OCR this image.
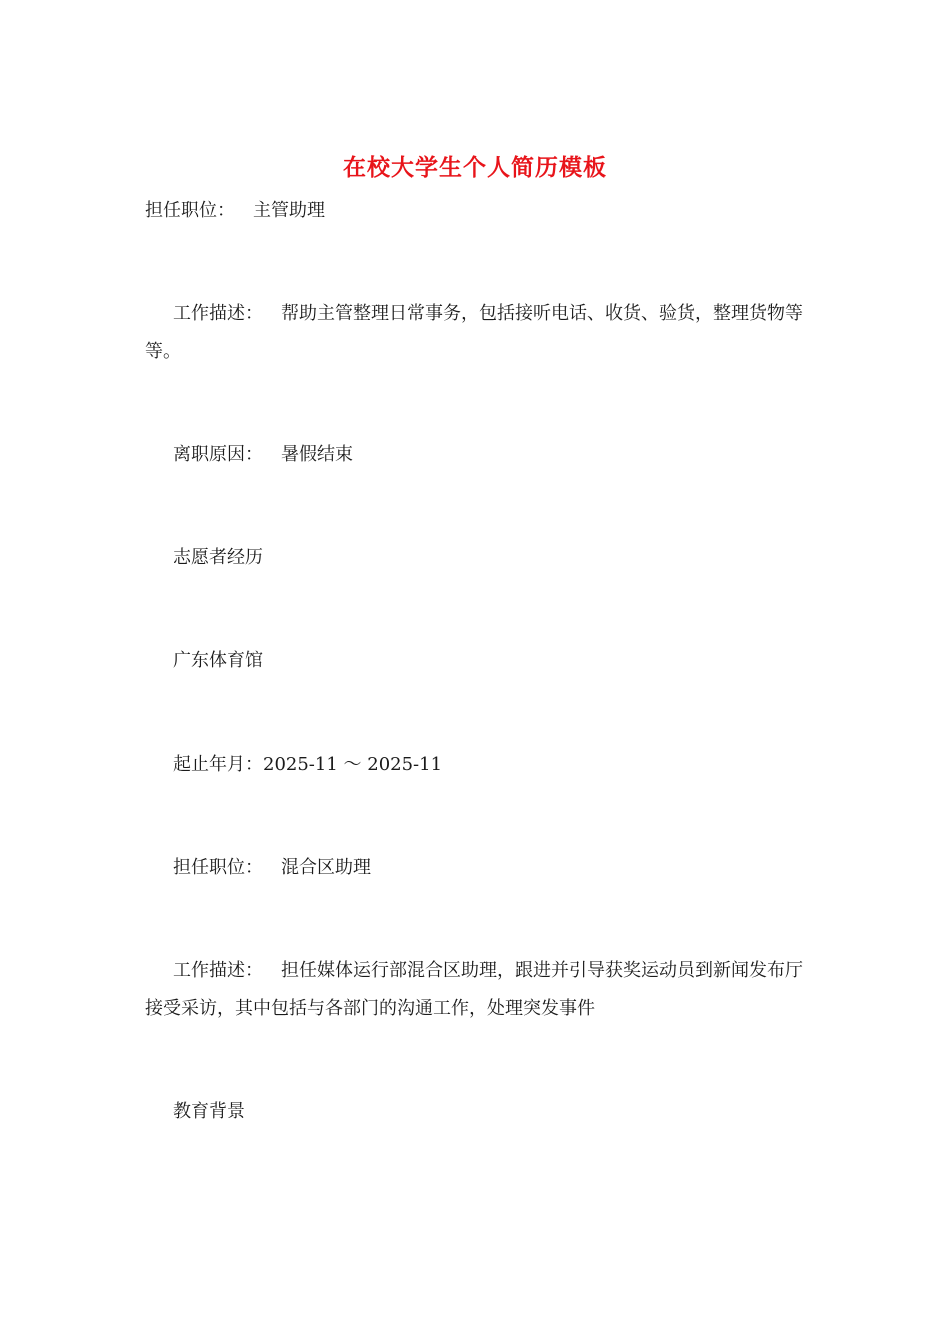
在校大学生个人简历模板
担任职位： 主管助理
工作描述： 帮助主管整理日常事务，包括接听电话、收货、验货，整理货物等等。
离职原因： 暑假结束
志愿者经历
广东体育馆
起止年月：2025-11 ～ 2025-11
担任职位： 混合区助理
工作描述： 担任媒体运行部混合区助理，跟进并引导获奖运动员到新闻发布厅接受采访，其中包括与各部门的沟通工作，处理突发事件
教育背景
